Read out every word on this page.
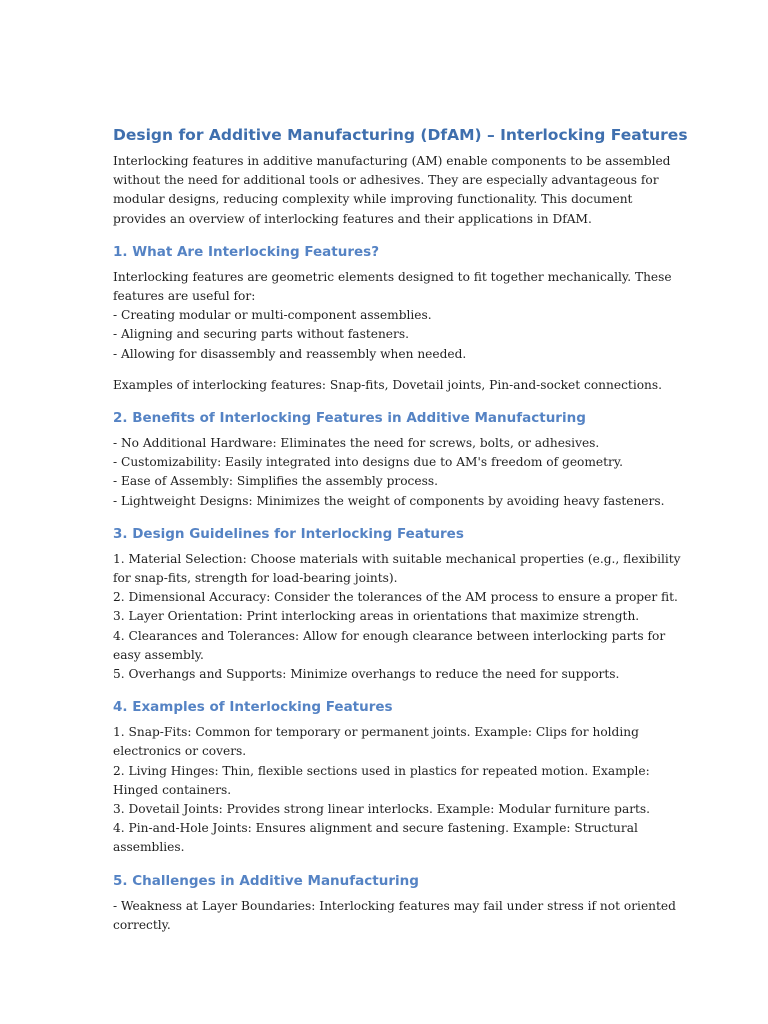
Design for Additive Manufacturing (DfAM) – Interlocking Features
Interlocking features in additive manufacturing (AM) enable components to be assembled
without the need for additional tools or adhesives. They are especially advantageous for
modular designs, reducing complexity while improving functionality. This document
provides an overview of interlocking features and their applications in DfAM.
1. What Are Interlocking Features?
Interlocking features are geometric elements designed to fit together mechanically. These
features are useful for:
- Creating modular or multi-component assemblies.
- Aligning and securing parts without fasteners.
- Allowing for disassembly and reassembly when needed.
Examples of interlocking features: Snap-fits, Dovetail joints, Pin-and-socket connections.
2. Benefits of Interlocking Features in Additive Manufacturing
- No Additional Hardware: Eliminates the need for screws, bolts, or adhesives.
- Customizability: Easily integrated into designs due to AM's freedom of geometry.
- Ease of Assembly: Simplifies the assembly process.
- Lightweight Designs: Minimizes the weight of components by avoiding heavy fasteners.
3. Design Guidelines for Interlocking Features
1. Material Selection: Choose materials with suitable mechanical properties (e.g., flexibility
for snap-fits, strength for load-bearing joints).
2. Dimensional Accuracy: Consider the tolerances of the AM process to ensure a proper fit.
3. Layer Orientation: Print interlocking areas in orientations that maximize strength.
4. Clearances and Tolerances: Allow for enough clearance between interlocking parts for
easy assembly.
5. Overhangs and Supports: Minimize overhangs to reduce the need for supports.
4. Examples of Interlocking Features
1. Snap-Fits: Common for temporary or permanent joints. Example: Clips for holding
electronics or covers.
2. Living Hinges: Thin, flexible sections used in plastics for repeated motion. Example:
Hinged containers.
3. Dovetail Joints: Provides strong linear interlocks. Example: Modular furniture parts.
4. Pin-and-Hole Joints: Ensures alignment and secure fastening. Example: Structural
assemblies.
5. Challenges in Additive Manufacturing
- Weakness at Layer Boundaries: Interlocking features may fail under stress if not oriented
correctly.
